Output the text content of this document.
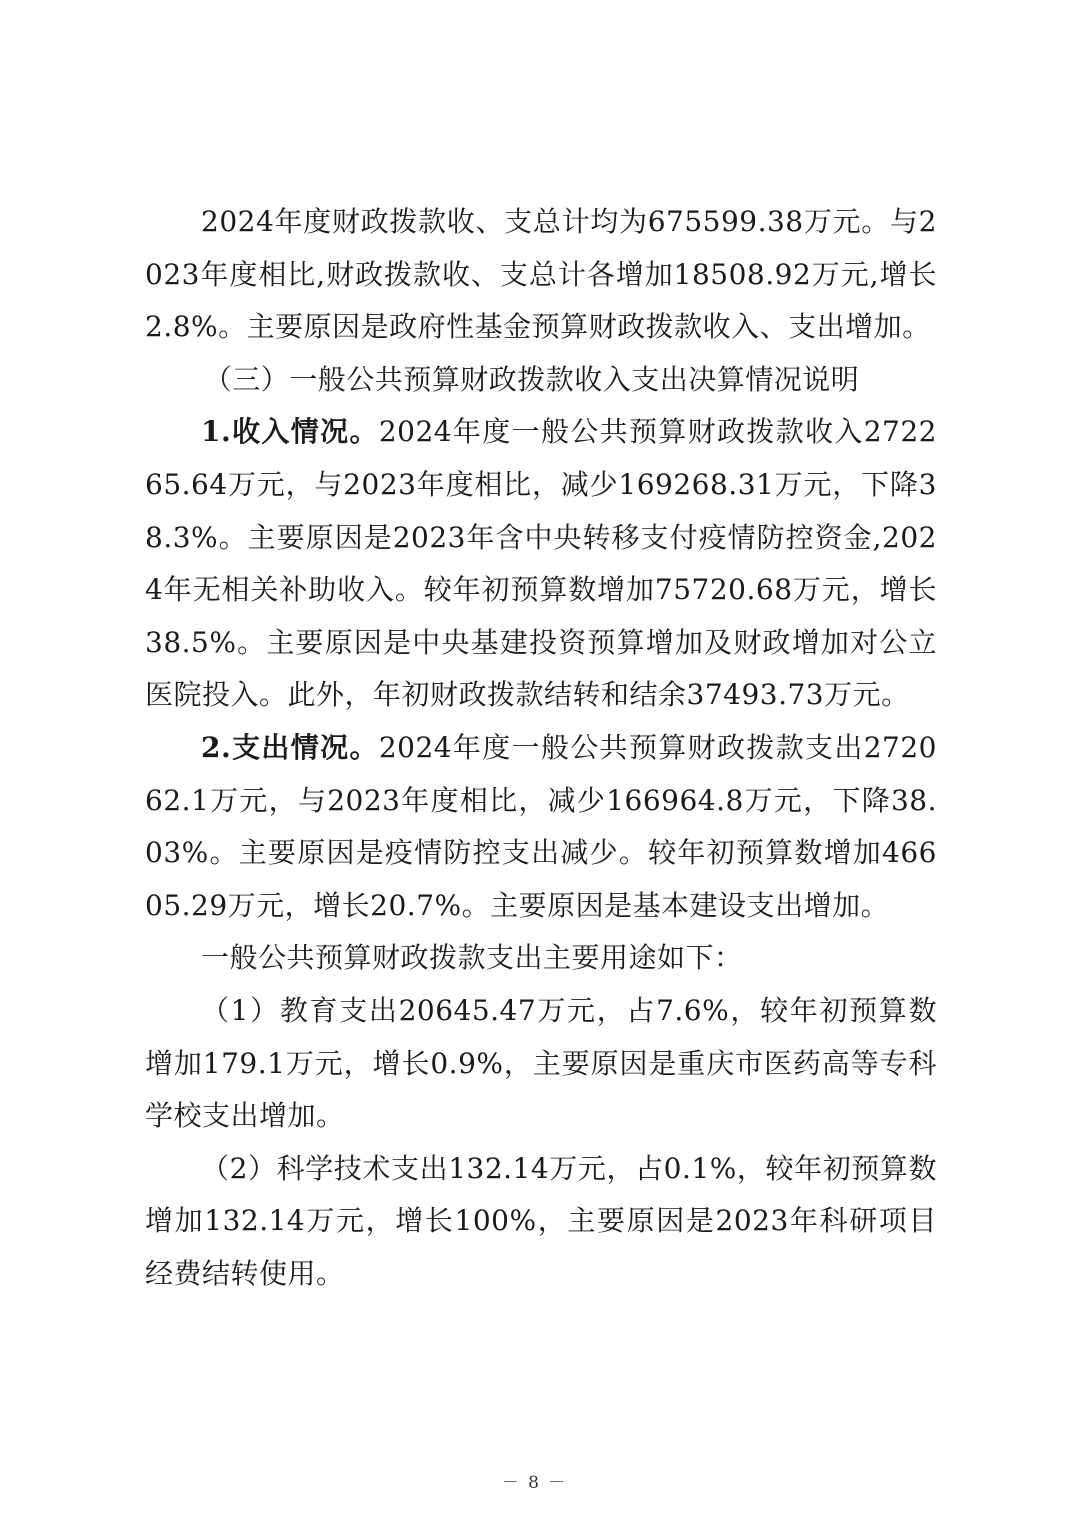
2024年度财政拨款收、支总计均为675599.38万元。与2023年度相比,财政拨款收、支总计各增加18508.92万元,增长2.8%。主要原因是政府性基金预算财政拨款收入、支出增加。

（三）一般公共预算财政拨款收入支出决算情况说明

1.收入情况。2024年度一般公共预算财政拨款收入272265.64万元，与2023年度相比，减少169268.31万元，下降38.3%。主要原因是2023年含中央转移支付疫情防控资金,2024年无相关补助收入。较年初预算数增加75720.68万元，增长38.5%。主要原因是中央基建投资预算增加及财政增加对公立医院投入。此外，年初财政拨款结转和结余37493.73万元。

2.支出情况。2024年度一般公共预算财政拨款支出272062.1万元，与2023年度相比，减少166964.8万元，下降38.03%。主要原因是疫情防控支出减少。较年初预算数增加46605.29万元，增长20.7%。主要原因是基本建设支出增加。

一般公共预算财政拨款支出主要用途如下：

（1）教育支出20645.47万元，占7.6%，较年初预算数增加179.1万元，增长0.9%，主要原因是重庆市医药高等专科学校支出增加。

（2）科学技术支出132.14万元，占0.1%，较年初预算数增加132.14万元，增长100%，主要原因是2023年科研项目经费结转使用。

－ 8 －
